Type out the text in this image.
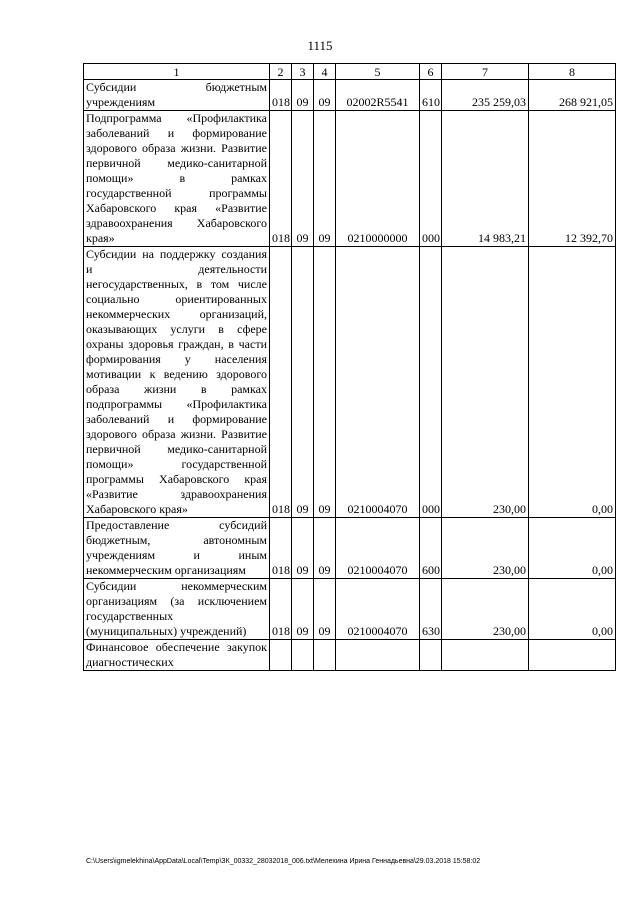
1115
1	2	3	4	5	6	7	8
Субсидии бюджетным учреждениям	018	09	09	02002R5541	610	235 259,03	268 921,05
Подпрограмма «Профилактика заболеваний и формирование здорового образа жизни. Развитие первичной медико-санитарной помощи» в рамках государственной программы Хабаровского края «Развитие здравоохранения Хабаровского края»	018	09	09	0210000000	000	14 983,21	12 392,70
Субсидии на поддержку создания и деятельности негосударственных, в том числе социально ориентированных некоммерческих организаций, оказывающих услуги в сфере охраны здоровья граждан, в части формирования у населения мотивации к ведению здорового образа жизни в рамках подпрограммы «Профилактика заболеваний и формирование здорового образа жизни. Развитие первичной медико-санитарной помощи» государственной программы Хабаровского края «Развитие здравоохранения Хабаровского края»	018	09	09	0210004070	000	230,00	0,00
Предоставление субсидий бюджетным, автономным учреждениям и иным некоммерческим организациям	018	09	09	0210004070	600	230,00	0,00
Субсидии некоммерческим организациям (за исключением государственных (муниципальных) учреждений)	018	09	09	0210004070	630	230,00	0,00
Финансовое обеспечение закупок диагностических							
C:\Users\igmelekhina\AppData\Local\Temp\ЗК_00332_28032018_006.txt\Мелехина Ирина Геннадьевна\29.03.2018 15:58:02
